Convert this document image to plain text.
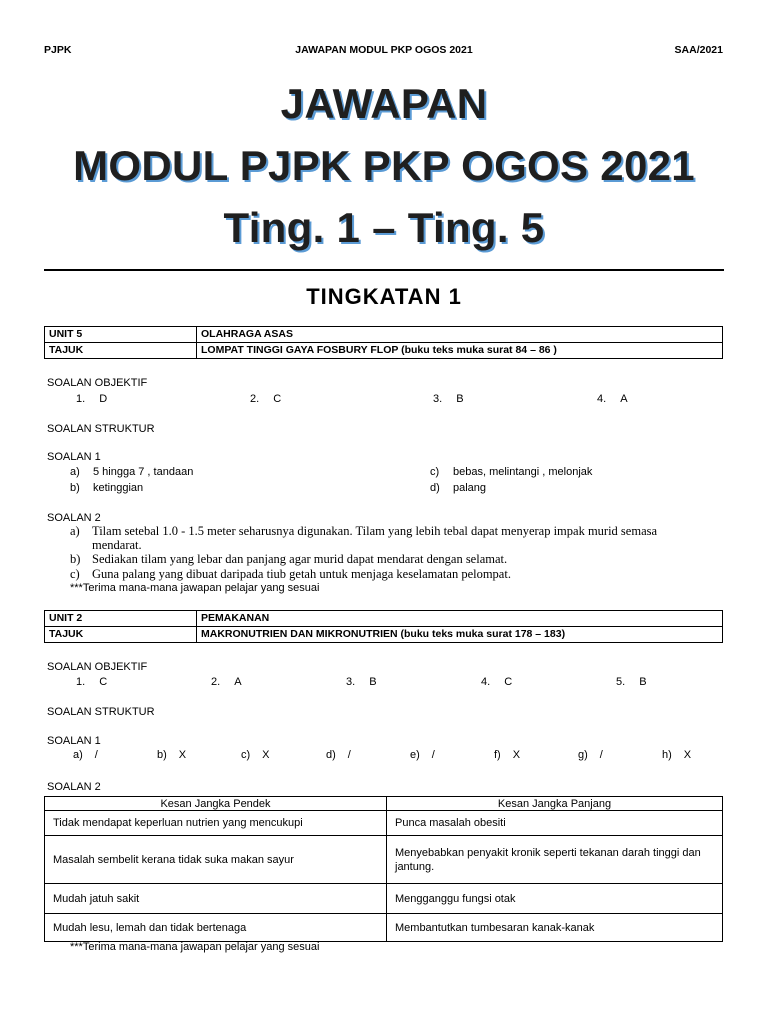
PJPK	JAWAPAN MODUL PKP OGOS 2021	SAA/2021
JAWAPAN
MODUL PJPK PKP OGOS 2021
Ting. 1 – Ting. 5
TINGKATAN 1
UNIT 5	OLAHRAGA ASAS
TAJUK	LOMPAT TINGGI GAYA FOSBURY FLOP (buku teks muka surat 84 – 86 )
SOALAN OBJEKTIF
1. D	2. C	3. B	4. A
SOALAN STRUKTUR
SOALAN 1
a) 5 hingga 7 , tandaan
b) ketinggian
c) bebas, melintangi , melonjak
d) palang
SOALAN 2
a) Tilam setebal 1.0 - 1.5 meter seharusnya digunakan. Tilam yang lebih tebal dapat menyerap impak murid semasa
mendarat.
b) Sediakan tilam yang lebar dan panjang agar murid dapat mendarat dengan selamat.
c) Guna palang yang dibuat daripada tiub getah untuk menjaga keselamatan pelompat.
***Terima mana-mana jawapan pelajar yang sesuai
UNIT 2	PEMAKANAN
TAJUK	MAKRONUTRIEN DAN MIKRONUTRIEN (buku teks muka surat 178 – 183)
SOALAN OBJEKTIF
1. C	2. A	3. B	4. C	5. B
SOALAN STRUKTUR
SOALAN 1
a) /	b) X	c) X	d) /	e) /	f) X	g) /	h) X
SOALAN 2
Kesan Jangka Pendek	Kesan Jangka Panjang
Tidak mendapat keperluan nutrien yang mencukupi	Punca masalah obesiti
Masalah sembelit kerana tidak suka makan sayur	Menyebabkan penyakit kronik seperti tekanan darah tinggi dan jantung.
Mudah jatuh sakit	Mengganggu fungsi otak
Mudah lesu, lemah dan tidak bertenaga	Membantutkan tumbesaran kanak-kanak
***Terima mana-mana jawapan pelajar yang sesuai
